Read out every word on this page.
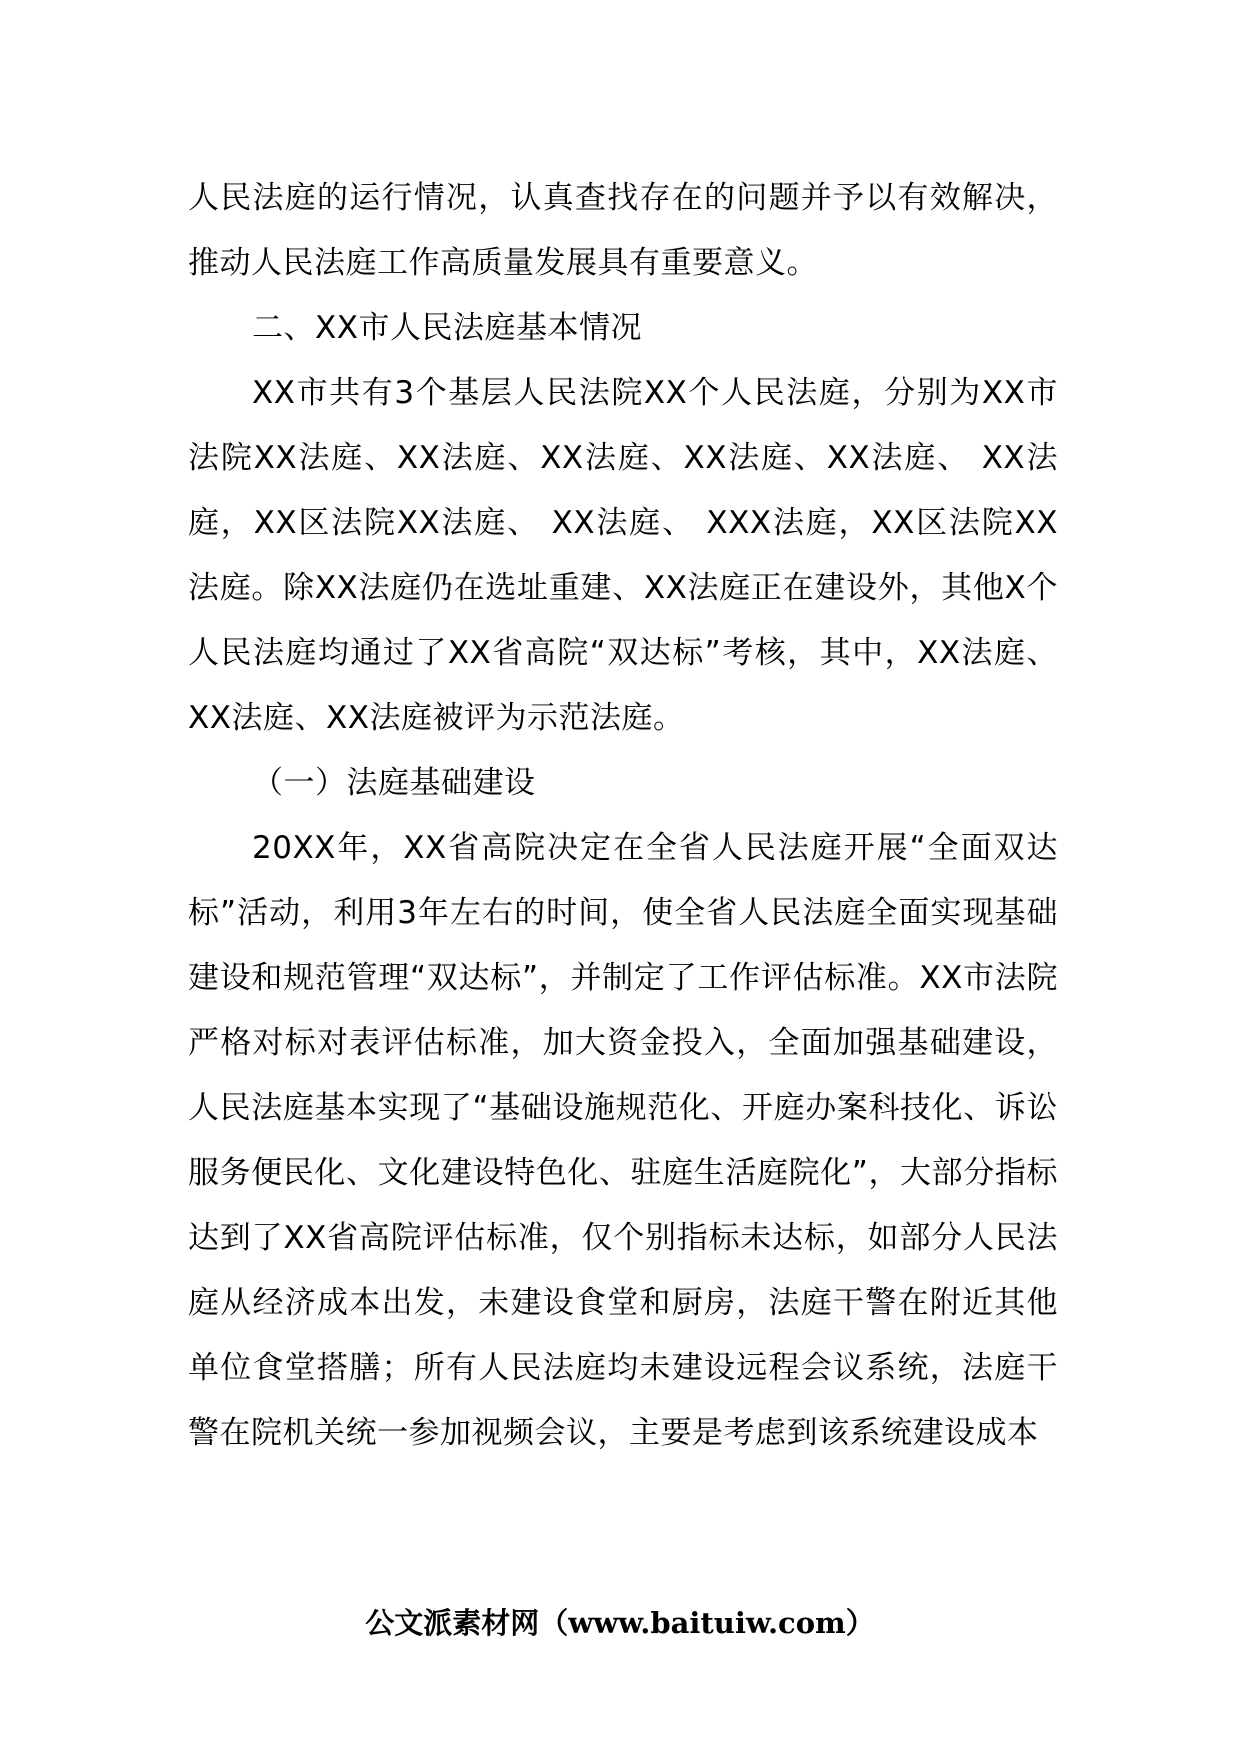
人民法庭的运行情况，认真查找存在的问题并予以有效解决，推动人民法庭工作高质量发展具有重要意义。

二、XX市人民法庭基本情况

XX市共有3个基层人民法院XX个人民法庭，分别为XX市法院XX法庭、XX法庭、XX法庭、XX法庭、XX法庭、 XX法庭，XX区法院XX法庭、 XX法庭、 XXX法庭，XX区法院XX法庭。除XX法庭仍在选址重建、XX法庭正在建设外，其他X个人民法庭均通过了XX省高院“双达标”考核，其中，XX法庭、XX法庭、XX法庭被评为示范法庭。

（一）法庭基础建设

20XX年，XX省高院决定在全省人民法庭开展“全面双达标”活动，利用3年左右的时间，使全省人民法庭全面实现基础建设和规范管理“双达标”，并制定了工作评估标准。XX市法院严格对标对表评估标准，加大资金投入，全面加强基础建设，人民法庭基本实现了“基础设施规范化、开庭办案科技化、诉讼服务便民化、文化建设特色化、驻庭生活庭院化”，大部分指标达到了XX省高院评估标准，仅个别指标未达标，如部分人民法庭从经济成本出发，未建设食堂和厨房，法庭干警在附近其他单位食堂搭膳；所有人民法庭均未建设远程会议系统，法庭干警在院机关统一参加视频会议，主要是考虑到该系统建设成本

公文派素材网（www.baituiw.com）
